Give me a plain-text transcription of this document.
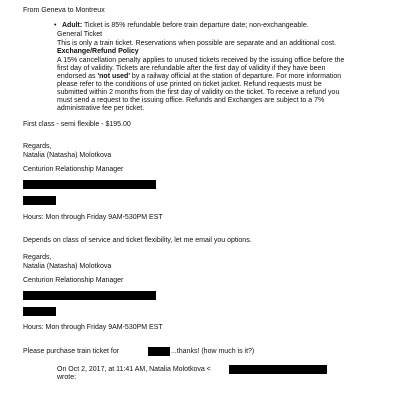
From Geneva to Montreux
• Adult: Ticket is 85% refundable before train departure date; non-exchangeable.
General Ticket
This is only a train ticket. Reservations when possible are separate and an additional cost.
Exchange/Refund Policy
A 15% cancellation penalty applies to unused tickets received by the issuing office before the first day of validity. Tickets are refundable after the first day of validity if they have been endorsed as 'not used' by a railway official at the station of departure. For more information please refer to the conditions of use printed on ticket jacket. Refund requests must be submitted within 2 months from the first day of validity on the ticket. To receive a refund you must send a request to the issuing office. Refunds and Exchanges are subject to a 7% administrative fee per ticket.
First class - semi flexible - $195.00
Regards,
Natalia (Natasha) Molotkova
Centurion Relationship Manager
Hours: Mon through Friday 9AM-530PM EST
Depends on class of service and ticket flexibility, let me email you options.
Regards,
Natalia (Natasha) Molotkova
Centurion Relationship Manager
Hours: Mon through Friday 9AM-530PM EST
Please purchase train ticket for	...thanks! (how much is it?)
On Oct 2, 2017, at 11:41 AM, Natalia Molotkova <
wrote:
